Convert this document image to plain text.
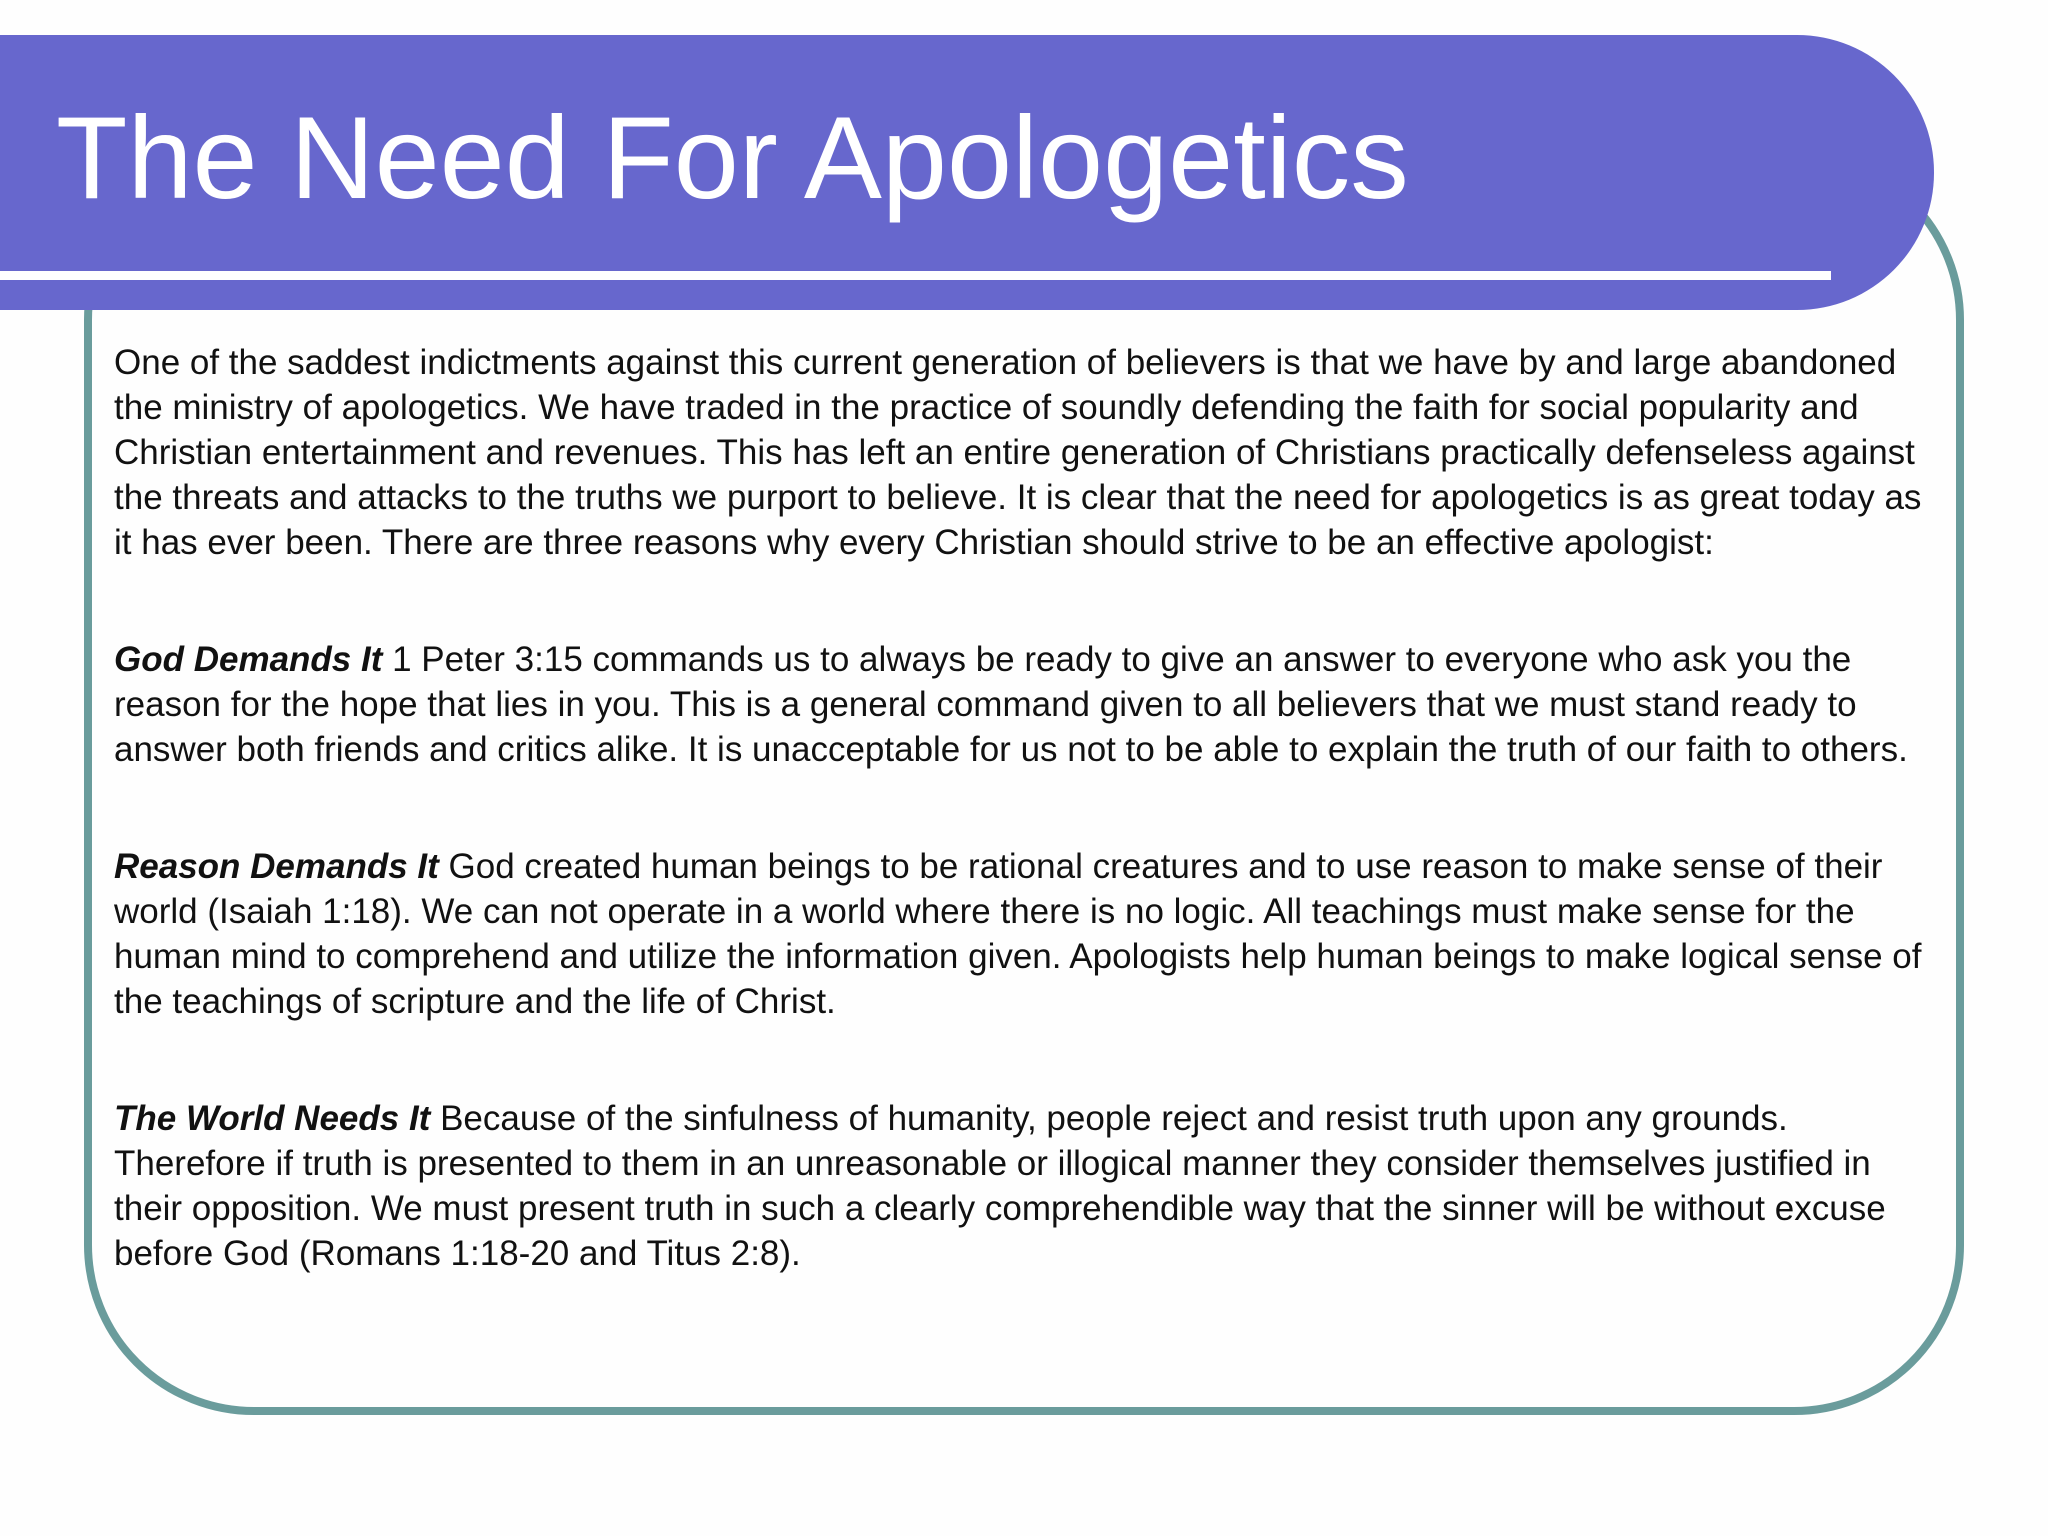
The Need For Apologetics

One of the saddest indictments against this current generation of believers is that we have by and large abandoned the ministry of apologetics. We have traded in the practice of soundly defending the faith for social popularity and Christian entertainment and revenues. This has left an entire generation of Christians practically defenseless against the threats and attacks to the truths we purport to believe. It is clear that the need for apologetics is as great today as it has ever been. There are three reasons why every Christian should strive to be an effective apologist:

God Demands It 1 Peter 3:15 commands us to always be ready to give an answer to everyone who ask you the reason for the hope that lies in you. This is a general command given to all believers that we must stand ready to answer both friends and critics alike. It is unacceptable for us not to be able to explain the truth of our faith to others.

Reason Demands It God created human beings to be rational creatures and to use reason to make sense of their world (Isaiah 1:18). We can not operate in a world where there is no logic. All teachings must make sense for the human mind to comprehend and utilize the information given. Apologists help human beings to make logical sense of the teachings of scripture and the life of Christ.

The World Needs It Because of the sinfulness of humanity, people reject and resist truth upon any grounds. Therefore if truth is presented to them in an unreasonable or illogical manner they consider themselves justified in their opposition. We must present truth in such a clearly comprehendible way that the sinner will be without excuse before God (Romans 1:18-20 and Titus 2:8).
